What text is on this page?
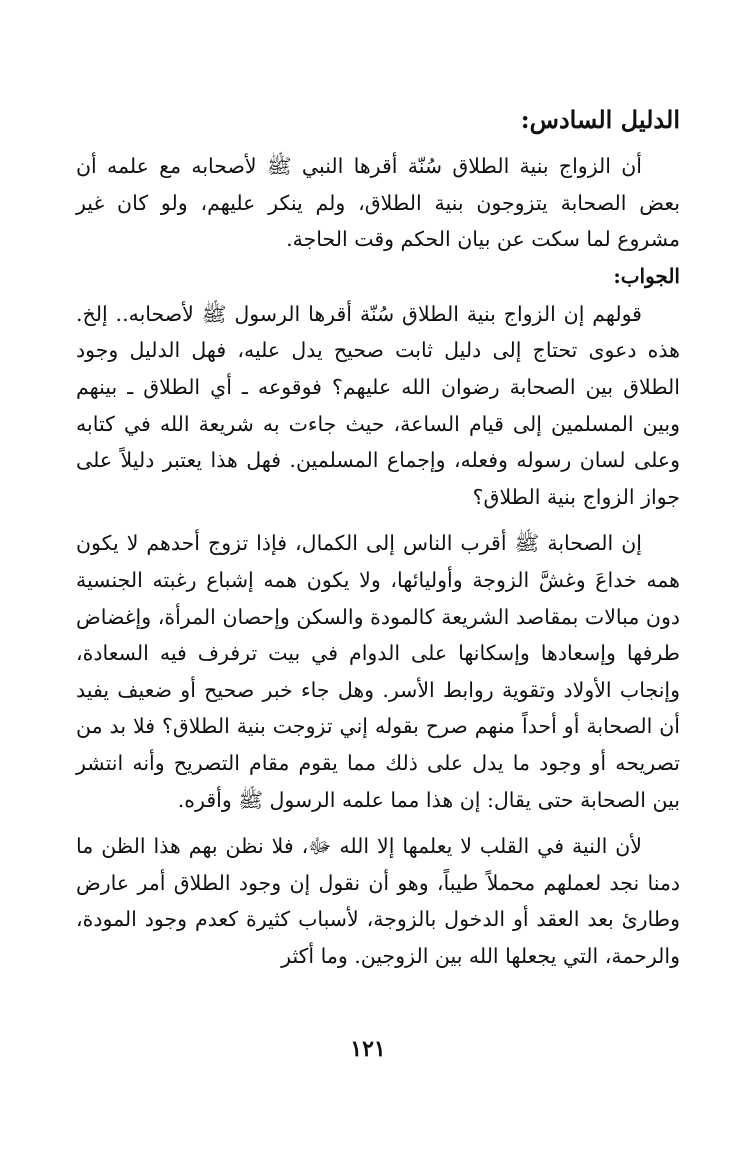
الدليل السادس:

أن الزواج بنية الطلاق سُنّة أقرها النبي ﷺ لأصحابه مع علمه أن بعض الصحابة يتزوجون بنية الطلاق، ولم ينكر عليهم، ولو كان غير مشروع لما سكت عن بيان الحكم وقت الحاجة.

الجواب:

قولهم إن الزواج بنية الطلاق سُنّة أقرها الرسول ﷺ لأصحابه.. إلخ. هذه دعوى تحتاج إلى دليل ثابت صحيح يدل عليه، فهل الدليل وجود الطلاق بين الصحابة رضوان الله عليهم؟ فوقوعه ـ أي الطلاق ـ بينهم وبين المسلمين إلى قيام الساعة، حيث جاءت به شريعة الله في كتابه وعلى لسان رسوله وفعله، وإجماع المسلمين. فهل هذا يعتبر دليلاً على جواز الزواج بنية الطلاق؟

إن الصحابة ﷺ أقرب الناس إلى الكمال، فإذا تزوج أحدهم لا يكون همه خداعَ وغشَّ الزوجة وأوليائها، ولا يكون همه إشباع رغبته الجنسية دون مبالات بمقاصد الشريعة كالمودة والسكن وإحصان المرأة، وإغضاض طرفها وإسعادها وإسكانها على الدوام في بيت ترفرف فيه السعادة، وإنجاب الأولاد وتقوية روابط الأسر. وهل جاء خبر صحيح أو ضعيف يفيد أن الصحابة أو أحداً منهم صرح بقوله إني تزوجت بنية الطلاق؟ فلا بد من تصريحه أو وجود ما يدل على ذلك مما يقوم مقام التصريح وأنه انتشر بين الصحابة حتى يقال: إن هذا مما علمه الرسول ﷺ وأقره.

لأن النية في القلب لا يعلمها إلا الله ﷻ، فلا نظن بهم هذا الظن ما دمنا نجد لعملهم محملاً طيباً، وهو أن نقول إن وجود الطلاق أمر عارض وطارئ بعد العقد أو الدخول بالزوجة، لأسباب كثيرة كعدم وجود المودة، والرحمة، التي يجعلها الله بين الزوجين. وما أكثر

١٢١
